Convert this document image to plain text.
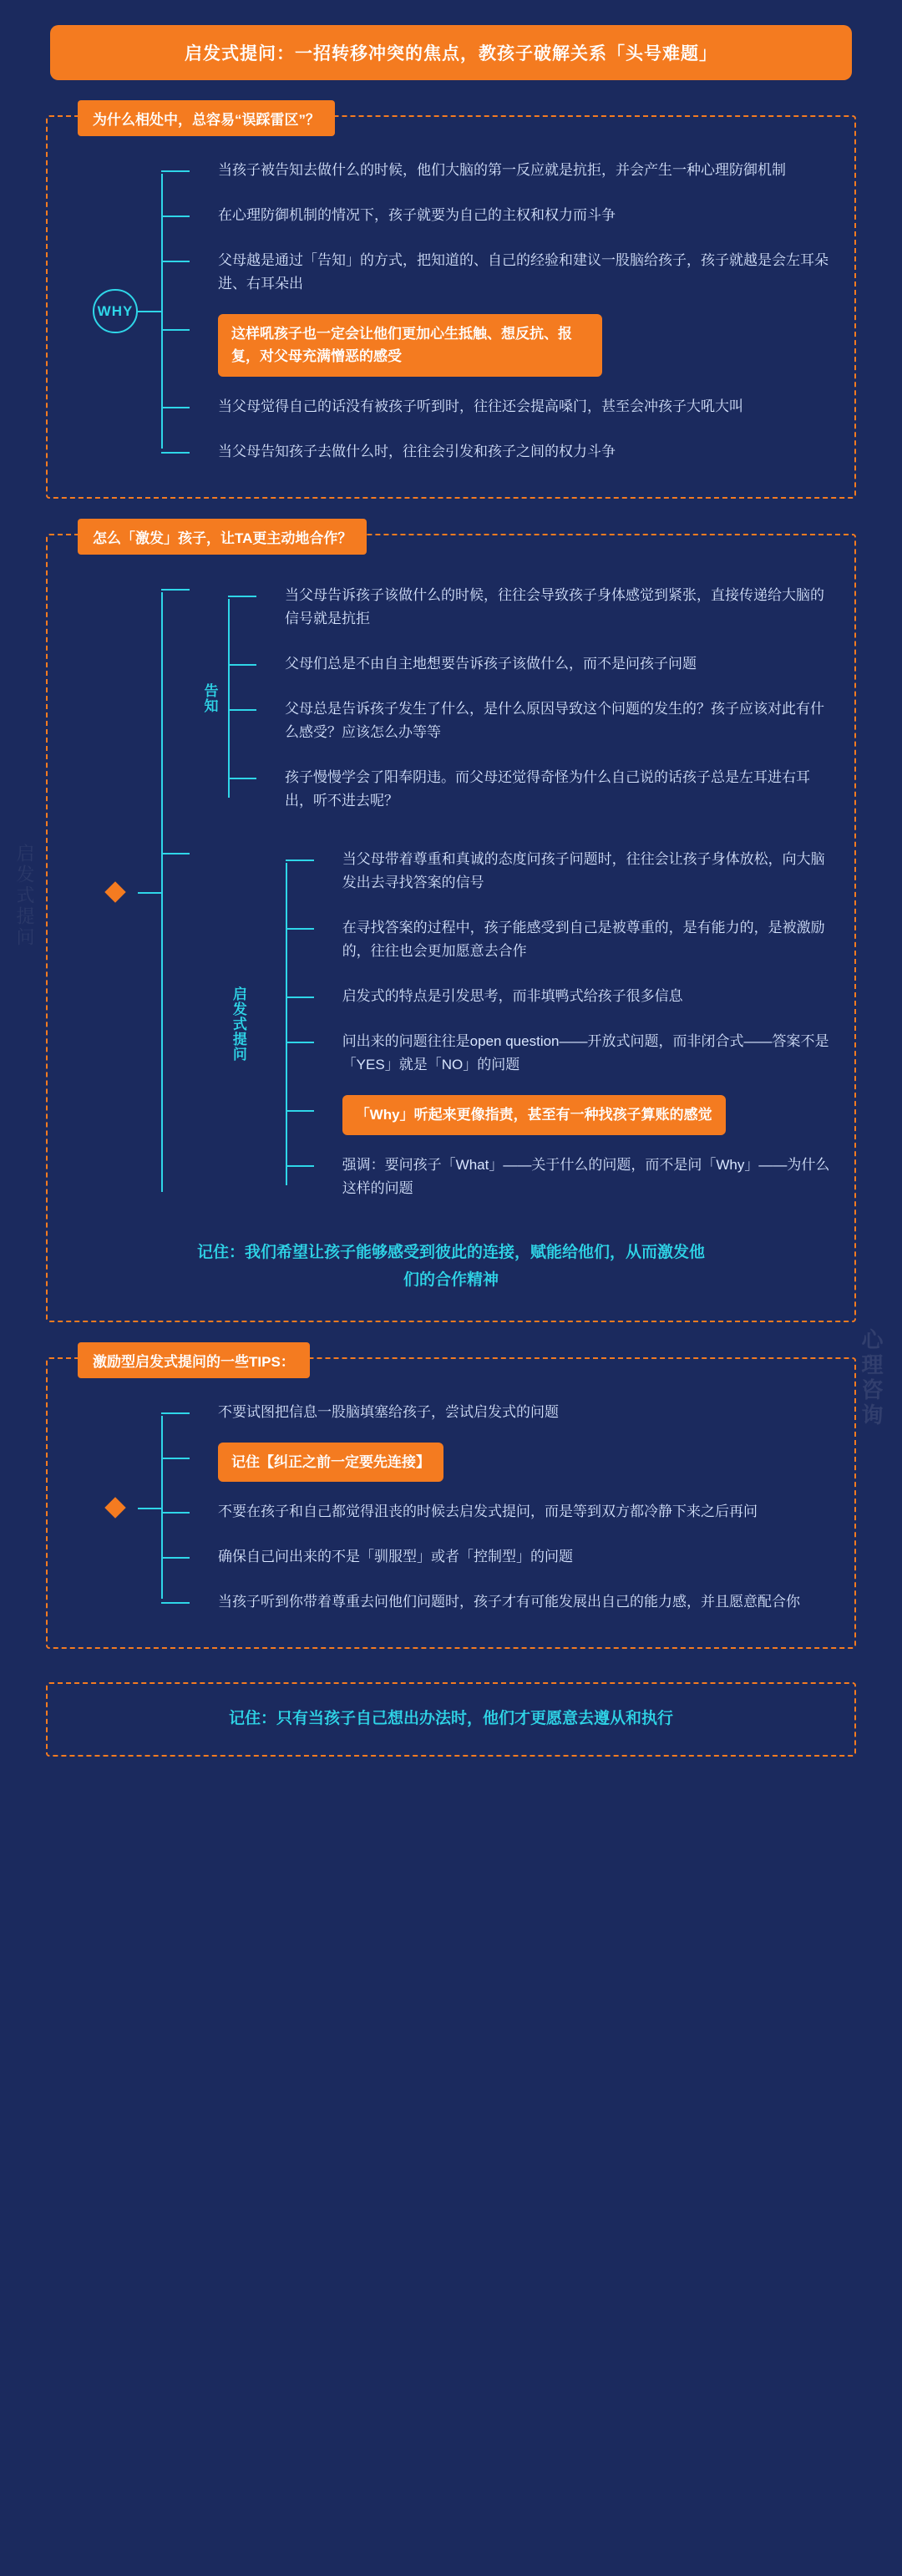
启发式提问
心理咨询
启发式提问：一招转移冲突的焦点，教孩子破解关系「头号难题」
为什么相处中，总容易“误踩雷区”？
WHY
当孩子被告知去做什么的时候，他们大脑的第一反应就是抗拒，并会产生一种心理防御机制
在心理防御机制的情况下，孩子就要为自己的主权和权力而斗争
父母越是通过「告知」的方式，把知道的、自己的经验和建议一股脑给孩子，孩子就越是会左耳朵进、右耳朵出
这样吼孩子也一定会让他们更加心生抵触、想反抗、报复，对父母充满憎恶的感受
当父母觉得自己的话没有被孩子听到时，往往还会提高嗓门，甚至会冲孩子大吼大叫
当父母告知孩子去做什么时，往往会引发和孩子之间的权力斗争
怎么「激发」孩子，让TA更主动地合作？
告知
当父母告诉孩子该做什么的时候，往往会导致孩子身体感觉到紧张，直接传递给大脑的信号就是抗拒
父母们总是不由自主地想要告诉孩子该做什么，而不是问孩子问题
父母总是告诉孩子发生了什么，是什么原因导致这个问题的发生的？孩子应该对此有什么感受？应该怎么办等等
孩子慢慢学会了阳奉阴违。而父母还觉得奇怪为什么自己说的话孩子总是左耳进右耳出，听不进去呢？
启发式提问
当父母带着尊重和真诚的态度问孩子问题时，往往会让孩子身体放松，向大脑发出去寻找答案的信号
在寻找答案的过程中，孩子能感受到自己是被尊重的，是有能力的，是被激励的，往往也会更加愿意去合作
启发式的特点是引发思考，而非填鸭式给孩子很多信息
问出来的问题往往是open question——开放式问题，而非闭合式——答案不是「YES」就是「NO」的问题
「Why」听起来更像指责，甚至有一种找孩子算账的感觉
强调：要问孩子「What」——关于什么的问题，而不是问「Why」——为什么这样的问题
记住：我们希望让孩子能够感受到彼此的连接，赋能给他们，从而激发他们的合作精神
激励型启发式提问的一些TIPS：
不要试图把信息一股脑填塞给孩子，尝试启发式的问题
记住【纠正之前一定要先连接】
不要在孩子和自己都觉得沮丧的时候去启发式提问，而是等到双方都冷静下来之后再问
确保自己问出来的不是「驯服型」或者「控制型」的问题
当孩子听到你带着尊重去问他们问题时，孩子才有可能发展出自己的能力感，并且愿意配合你
记住：只有当孩子自己想出办法时，他们才更愿意去遵从和执行
